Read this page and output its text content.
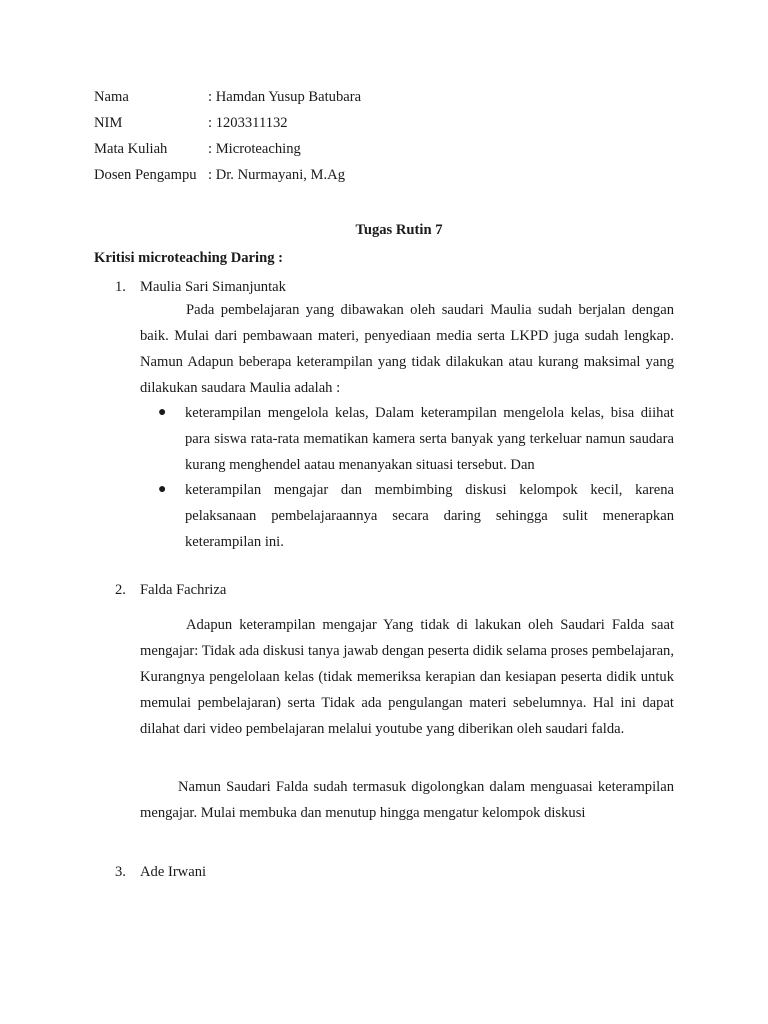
Nama	: Hamdan Yusup Batubara
NIM	: 1203311132
Mata Kuliah	: Microteaching
Dosen Pengampu : Dr. Nurmayani, M.Ag
Tugas Rutin 7
Kritisi microteaching Daring :
1. Maulia Sari Simanjuntak

Pada pembelajaran yang dibawakan oleh saudari Maulia sudah berjalan dengan baik. Mulai dari pembawaan materi, penyediaan media serta LKPD juga sudah lengkap. Namun Adapun beberapa keterampilan yang tidak dilakukan atau kurang maksimal yang dilakukan saudara Maulia adalah :

●	keterampilan mengelola kelas, Dalam keterampilan mengelola kelas, bisa diihat para siswa rata-rata mematikan kamera serta banyak yang terkeluar namun saudara kurang menghendel aatau menanyakan situasi tersebut. Dan
●	keterampilan mengajar dan membimbing diskusi kelompok kecil, karena pelaksanaan pembelajaraannya secara daring sehingga sulit menerapkan keterampilan ini.
2. Falda Fachriza

Adapun keterampilan mengajar Yang tidak di lakukan oleh Saudari Falda saat mengajar: Tidak ada diskusi tanya jawab dengan peserta didik selama proses pembelajaran, Kurangnya pengelolaan kelas (tidak memeriksa kerapian dan kesiapan peserta didik untuk memulai pembelajaran) serta Tidak ada pengulangan materi sebelumnya. Hal ini dapat dilahat dari video pembelajaran melalui youtube yang diberikan oleh saudari falda.

Namun Saudari Falda sudah termasuk digolongkan dalam menguasai keterampilan mengajar. Mulai membuka dan menutup hingga mengatur kelompok diskusi

3. Ade Irwani
